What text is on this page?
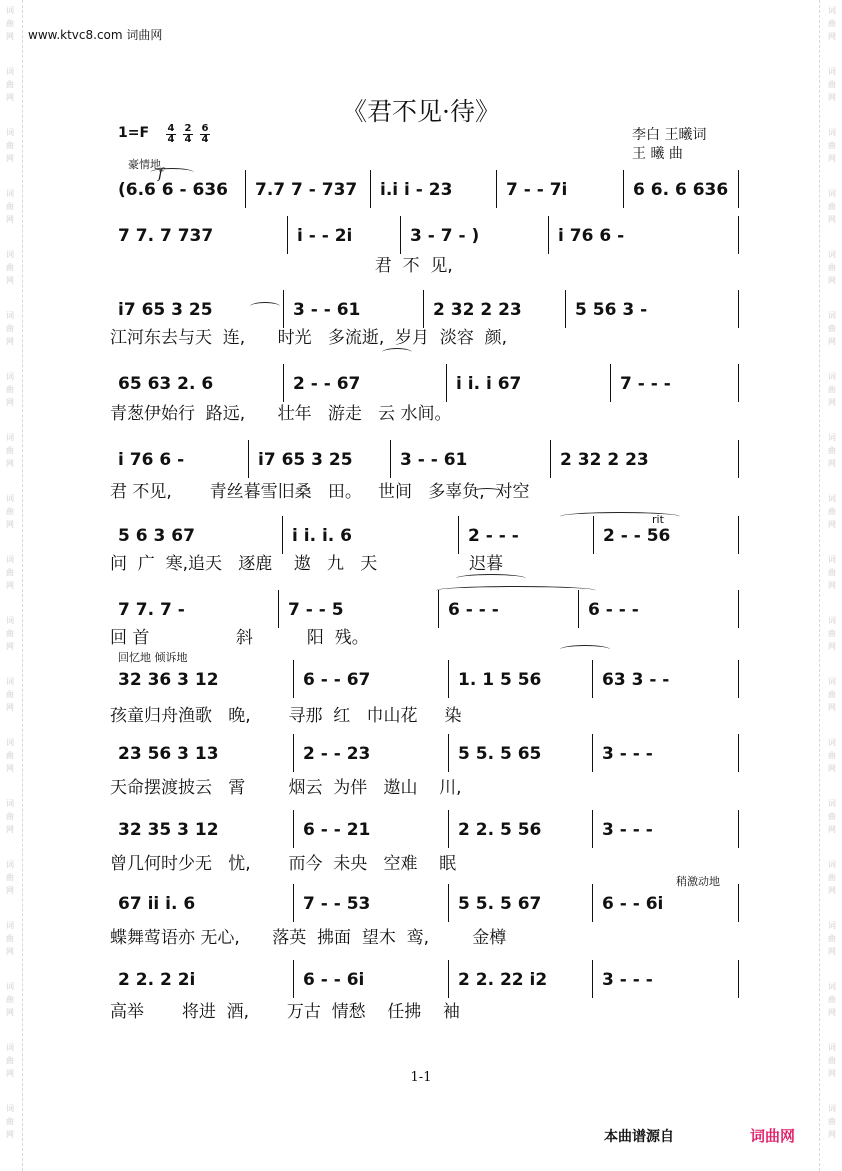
词
曲
网
词
曲
网
词
曲
网
词
曲
网
词
曲
网
词
曲
网
词
曲
网
词
曲
网
词
曲
网
词
曲
网
词
曲
网
词
曲
网
词
曲
网
词
曲
网
词
曲
网
词
曲
网
词
曲
网
词
曲
网
词
曲
网
词
曲
网
词
曲
网
词
曲
网
词
曲
网
词
曲
网
词
曲
网
词
曲
网
词
曲
网
词
曲
网
词
曲
网
词
曲
网
词
曲
网
词
曲
网
词
曲
网
词
曲
网
词
曲
网
词
曲
网
词
曲
网
词
曲
网
www.ktvc8.com 词曲网
《君不见·待》
$1=F \frac{4}{4} \frac{2}{4} \frac{6}{4}$	李白 王曦词
王 曦 曲
豪情地
f
rit
回忆地 倾诉地
稍激动地
(6.6 6 - 636 7.7 7 - 737 i.i i - 23	7 - - 7i	6 6. 6 636
7 7. 7 737	i - - 2i	3 - 7 - )	i 76 6 -
君  不  见,
i7 65 3 25	3 - - 61	2 32 2 23	5 56 3 -
江河东去与天  连,      时光   多流逝,  岁月  淡容  颜,
65 63 2. 6	2 - - 67	i i. i 67	7 - - -
青葱伊始行  路远,      壮年   游走   云 水间。
i 76 6 -	i7 65 3 25	3 - - 61	2 32 2 23
君 不见,       青丝暮雪旧桑   田。   世间   多辜负,  对空
5 6 3 67	i i. i. 6	2 - - -	2 - - 56
问  广  寒,追天   逐鹿    遨   九   天                 迟暮
7 7. 7 -	7 - - 5	6 - - -	6 - - -
回 首                斜          阳  残。
32 36 3 12	6 - - 67	1. 1 5 56	63 3 - -
孩童归舟渔歌   晚,       寻那  红   巾山花     染
23 56 3 13	2 - - 23	5 5. 5 65	3 - - -
天命摆渡披云   霄        烟云  为伴   遨山    川,
32 35 3 12	6 - - 21	2 2. 5 56	3 - - -
曾几何时少无   忧,       而今  未央   空难    眠
67 ii i. 6	7 - - 53	5 5. 5 67	6 - - 6i
蝶舞莺语亦 无心,      落英  拂面  望木  鸾,        金樽
2 2. 2 2i	6 - - 6i	2 2. 22 i2	3 - - -
高举       将进  酒,       万古  情愁    任拂    袖
1-1
本曲谱源自	词曲网
